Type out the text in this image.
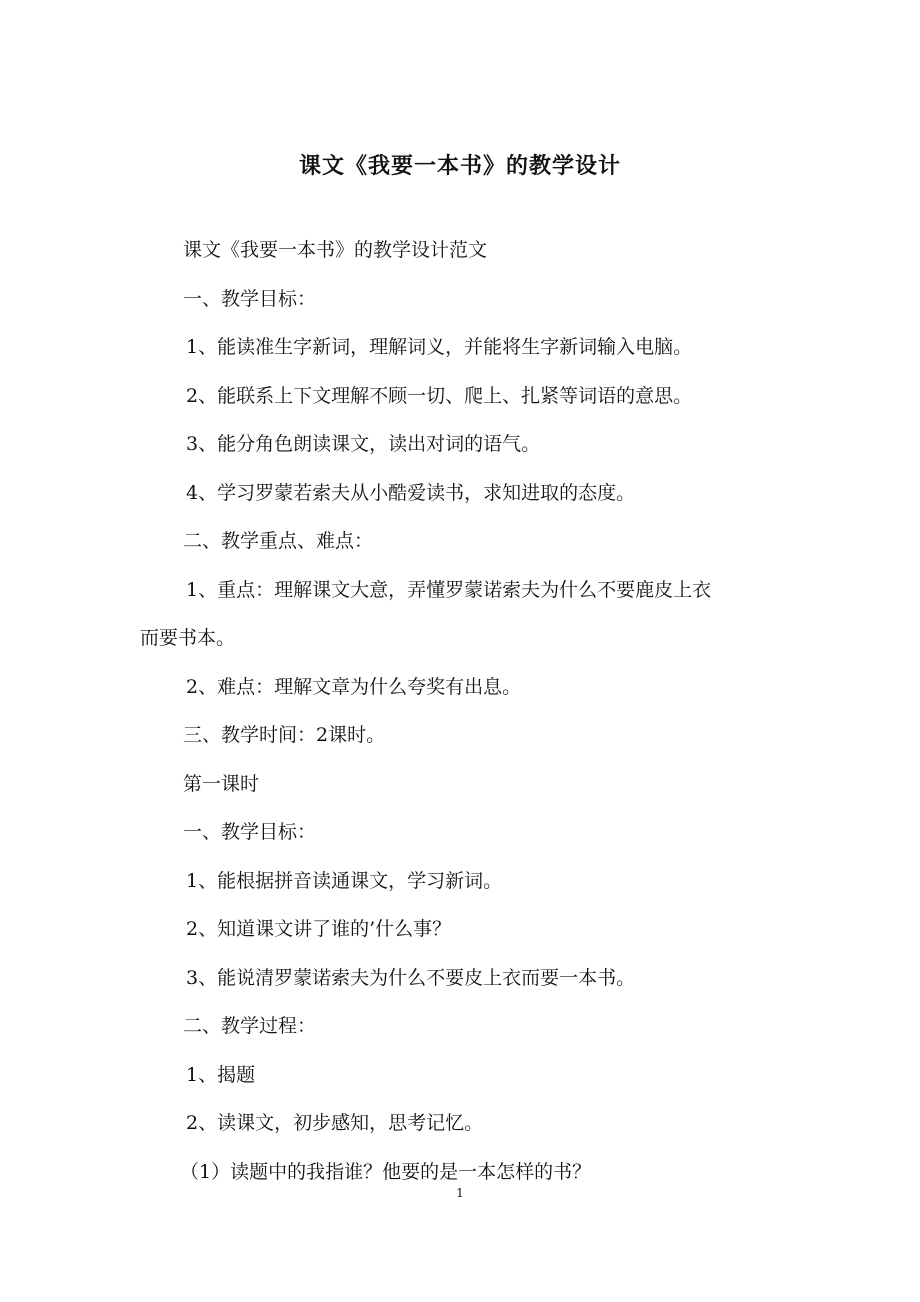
课文《我要一本书》的教学设计

课文《我要一本书》的教学设计范文

一、教学目标：

1、能读准生字新词，理解词义，并能将生字新词输入电脑。

2、能联系上下文理解不顾一切、爬上、扎紧等词语的意思。

3、能分角色朗读课文，读出对词的语气。

4、学习罗蒙若索夫从小酷爱读书，求知进取的态度。

二、教学重点、难点：

1、重点：理解课文大意，弄懂罗蒙诺索夫为什么不要鹿皮上衣

而要书本。

2、难点：理解文章为什么夸奖有出息。

三、教学时间：2课时。

第一课时

一、教学目标：

1、能根据拼音读通课文，学习新词。

2、知道课文讲了谁的’什么事？

3、能说清罗蒙诺索夫为什么不要皮上衣而要一本书。

二、教学过程：

1、揭题

2、读课文，初步感知，思考记忆。

（1）读题中的我指谁？他要的是一本怎样的书？

1
